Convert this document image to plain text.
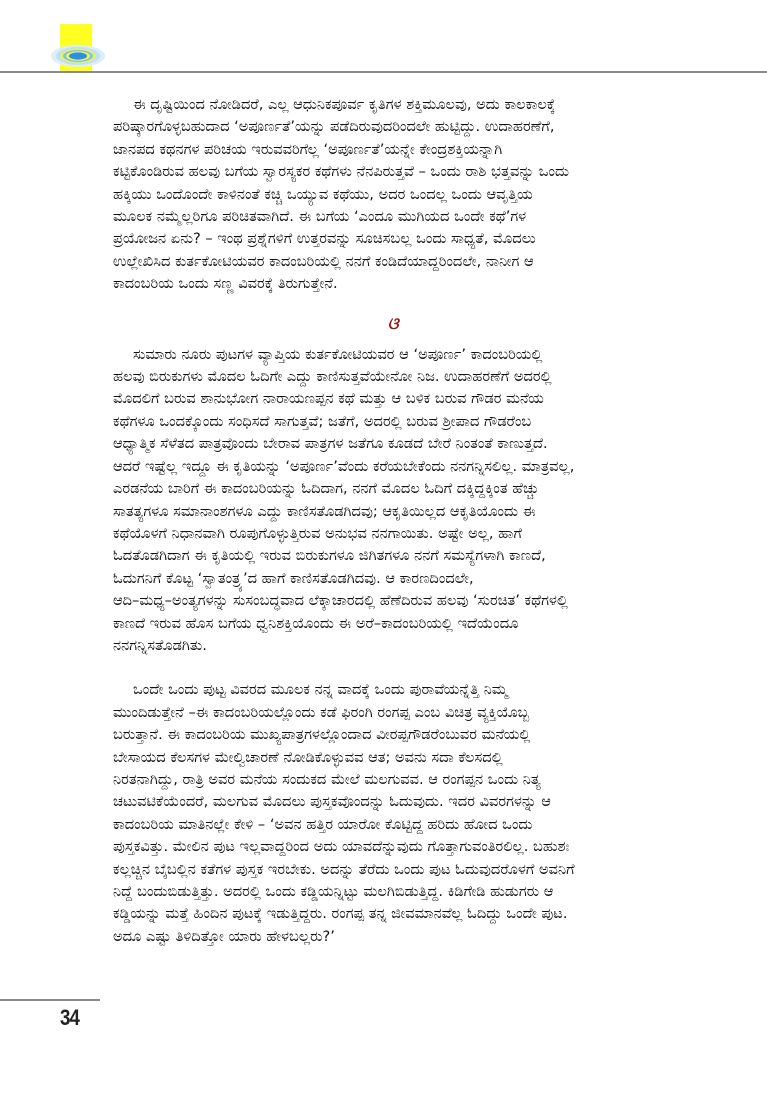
ಈ ದೃಷ್ಟಿಯಿಂದ ನೋಡಿದರೆ, ಎಲ್ಲ ಆಧುನಿಕಪೂರ್ವ ಕೃತಿಗಳ ಶಕ್ತಿಮೂಲವು, ಅದು ಕಾಲಕಾಲಕ್ಕೆ
ಪರಿಷ್ಕಾರಗೊಳ್ಳಬಹುದಾದ ‘ಅಪೂರ್ಣತೆ’ಯನ್ನು ಪಡೆದಿರುವುದರಿಂದಲೇ ಹುಟ್ಟಿದ್ದು. ಉದಾಹರಣೆಗೆ,
ಜಾನಪದ ಕಥನಗಳ ಪರಿಚಯ ಇರುವವರಿಗೆಲ್ಲ ‘ಅಪೂರ್ಣತೆ’ಯನ್ನೇ ಕೇಂದ್ರಶಕ್ತಿಯನ್ನಾಗಿ
ಕಟ್ಟಿಕೊಂಡಿರುವ ಹಲವು ಬಗೆಯ ಸ್ವಾರಸ್ಯಕರ ಕಥೆಗಳು ನೆನಪಿರುತ್ತವೆ – ಒಂದು ರಾಶಿ ಭತ್ತವನ್ನು ಒಂದು
ಹಕ್ಕಿಯು ಒಂದೊಂದೇ ಕಾಳಿನಂತೆ ಕಚ್ಚಿ ಒಯ್ಯುವ ಕಥೆಯು, ಅದರ ಒಂದಲ್ಲ ಒಂದು ಆವೃತ್ತಿಯ
ಮೂಲಕ ನಮ್ಮೆಲ್ಲರಿಗೂ ಪರಿಚಿತವಾಗಿದೆ. ಈ ಬಗೆಯ ‘ಎಂದೂ ಮುಗಿಯದ ಒಂದೇ ಕಥೆ’ಗಳ
ಪ್ರಯೋಜನ ಏನು? – ಇಂಥ ಪ್ರಶ್ನೆಗಳಿಗೆ ಉತ್ತರವನ್ನು ಸೂಚಿಸಬಲ್ಲ ಒಂದು ಸಾಧ್ಯತೆ, ಮೊದಲು
ಉಲ್ಲೇಖಿಸಿದ ಕುರ್ತಕೋಟಿಯವರ ಕಾದಂಬರಿಯಲ್ಲಿ ನನಗೆ ಕಂಡಿದೆಯಾದ್ದರಿಂದಲೇ, ನಾನೀಗ ಆ
ಕಾದಂಬರಿಯ ಒಂದು ಸಣ್ಣ ವಿವರಕ್ಕೆ ತಿರುಗುತ್ತೇನೆ.

ଓ

ಸುಮಾರು ನೂರು ಪುಟಗಳ ವ್ಯಾಪ್ತಿಯ ಕುರ್ತಕೋಟಿಯವರ ಆ ‘ಅಪೂರ್ಣ’ ಕಾದಂಬರಿಯಲ್ಲಿ
ಹಲವು ಬಿರುಕುಗಳು ಮೊದಲ ಓದಿಗೇ ಎದ್ದು ಕಾಣಿಸುತ್ತವೆಯೇನೋ ನಿಜ. ಉದಾಹರಣೆಗೆ ಅದರಲ್ಲಿ
ಮೊದಲಿಗೆ ಬರುವ ಶಾನುಭೋಗ ನಾರಾಯಣಪ್ಪನ ಕಥೆ ಮತ್ತು ಆ ಬಳಿಕ ಬರುವ ಗೌಡರ ಮನೆಯ
ಕಥೆಗಳೂ ಒಂದಕ್ಕೊಂದು ಸಂಧಿಸದೆ ಸಾಗುತ್ತವೆ; ಜತೆಗೆ, ಅದರಲ್ಲಿ ಬರುವ ಶ್ರೀಪಾದ ಗೌಡರೆಂಬ
ಆಧ್ಯಾತ್ಮಿಕ ಸೆಳೆತದ ಪಾತ್ರವೊಂದು ಬೇರಾವ ಪಾತ್ರಗಳ ಜತೆಗೂ ಕೂಡದೆ ಬೇರೆ ನಿಂತಂತೆ ಕಾಣುತ್ತದೆ.
ಆದರೆ ಇಷ್ಟೆಲ್ಲ ಇದ್ದೂ ಈ ಕೃತಿಯನ್ನು ‘ಅಪೂರ್ಣ’ವೆಂದು ಕರೆಯಬೇಕೆಂದು ನನಗನ್ನಿಸಲಿಲ್ಲ. ಮಾತ್ರವಲ್ಲ,
ಎರಡನೆಯ ಬಾರಿಗೆ ಈ ಕಾದಂಬರಿಯನ್ನು ಓದಿದಾಗ, ನನಗೆ ಮೊದಲ ಓದಿಗೆ ದಕ್ಕಿದ್ದಕ್ಕಿಂತ ಹೆಚ್ಚು
ಸಾತತ್ಯಗಳೂ ಸಮಾನಾಂಶಗಳೂ ಎದ್ದು ಕಾಣಿಸತೊಡಗಿದವು; ಆಕೃತಿಯಿಲ್ಲದ ಆಕೃತಿಯೊಂದು ಈ
ಕಥೆಯೊಳಗೆ ನಿಧಾನವಾಗಿ ರೂಪುಗೊಳ್ಳುತ್ತಿರುವ ಅನುಭವ ನನಗಾಯಿತು. ಅಷ್ಟೇ ಅಲ್ಲ, ಹಾಗೆ
ಓದತೊಡಗಿದಾಗ ಈ ಕೃತಿಯಲ್ಲಿ ಇರುವ ಬಿರುಕುಗಳೂ ಜಿಗಿತಗಳೂ ನನಗೆ ಸಮಸ್ಯೆಗಳಾಗಿ ಕಾಣದೆ,
ಓದುಗನಿಗೆ ಕೊಟ್ಟ ‘ಸ್ವಾತಂತ್ರ್ಯ’ದ ಹಾಗೆ ಕಾಣಿಸತೊಡಗಿದವು. ಆ ಕಾರಣದಿಂದಲೇ,
ಆದಿ–ಮಧ್ಯ–ಅಂತ್ಯಗಳನ್ನು ಸುಸಂಬದ್ಧವಾದ ಲೆಕ್ಕಾಚಾರದಲ್ಲಿ ಹೆಣೆದಿರುವ ಹಲವು ‘ಸುರಚಿತ’ ಕಥೆಗಳಲ್ಲಿ
ಕಾಣದೆ ಇರುವ ಹೊಸ ಬಗೆಯ ಧ್ವನಿಶಕ್ತಿಯೊಂದು ಈ ಅರೆ–ಕಾದಂಬರಿಯಲ್ಲಿ ಇದೆಯೆಂದೂ
ನನಗನ್ನಿಸತೊಡಗಿತು.

ಒಂದೇ ಒಂದು ಪುಟ್ಟ ವಿವರದ ಮೂಲಕ ನನ್ನ ವಾದಕ್ಕೆ ಒಂದು ಪುರಾವೆಯನ್ನೆತ್ತಿ ನಿಮ್ಮ
ಮುಂದಿಡುತ್ತೇನೆ –ಈ ಕಾದಂಬರಿಯಲ್ಲೊಂದು ಕಡೆ ಫಿರಂಗಿ ರಂಗಪ್ಪ ಎಂಬ ವಿಚಿತ್ರ ವ್ಯಕ್ತಿಯೊಬ್ಬ
ಬರುತ್ತಾನೆ. ಈ ಕಾದಂಬರಿಯ ಮುಖ್ಯಪಾತ್ರಗಳಲ್ಲೊಂದಾದ ವೀರಪ್ಪಗೌಡರೆಂಬುವರ ಮನೆಯಲ್ಲಿ
ಬೇಸಾಯದ ಕೆಲಸಗಳ ಮೇಲ್ವಿಚಾರಣೆ ನೋಡಿಕೊಳ್ಳುವವ ಆತ; ಅವನು ಸದಾ ಕೆಲಸದಲ್ಲಿ
ನಿರತನಾಗಿದ್ದು, ರಾತ್ರಿ ಅವರ ಮನೆಯ ಸಂದುಕದ ಮೇಲೆ ಮಲಗುವವ. ಆ ರಂಗಪ್ಪನ ಒಂದು ನಿತ್ಯ
ಚಟುವಟಿಕೆಯೆಂದರೆ, ಮಲಗುವ ಮೊದಲು ಪುಸ್ತಕವೊಂದನ್ನು ಓದುವುದು. ಇದರ ವಿವರಗಳನ್ನು ಆ
ಕಾದಂಬರಿಯ ಮಾತಿನಲ್ಲೇ ಕೇಳಿ – ‘ಅವನ ಹತ್ತಿರ ಯಾರೋ ಕೊಟ್ಟಿದ್ದ ಹರಿದು ಹೋದ ಒಂದು
ಪುಸ್ತಕವಿತ್ತು. ಮೇಲಿನ ಪುಟ ಇಲ್ಲವಾದ್ದರಿಂದ ಅದು ಯಾವದೆನ್ನುವುದು ಗೊತ್ತಾಗುವಂತಿರಲಿಲ್ಲ. ಬಹುಶಃ
ಕಲ್ಲಚ್ಚಿನ ಬೈಬಲ್ಲಿನ ಕತೆಗಳ ಪುಸ್ತಕ ಇರಬೇಕು. ಅದನ್ನು ತೆರೆದು ಒಂದು ಪುಟ ಓದುವುದರೊಳಗೆ ಅವನಿಗೆ
ನಿದ್ದೆ ಬಂದುಬಿಡುತ್ತಿತ್ತು. ಅದರಲ್ಲಿ ಒಂದು ಕಡ್ಡಿಯನ್ನಿಟ್ಟು ಮಲಗಿಬಿಡುತ್ತಿದ್ದ. ಕಿಡಿಗೇಡಿ ಹುಡುಗರು ಆ
ಕಡ್ಡಿಯನ್ನು ಮತ್ತೆ ಹಿಂದಿನ ಪುಟಕ್ಕೆ ಇಡುತ್ತಿದ್ದರು. ರಂಗಪ್ಪ ತನ್ನ ಜೀವಮಾನವೆಲ್ಲ ಓದಿದ್ದು ಒಂದೇ ಪುಟ.
ಅದೂ ಎಷ್ಟು ತಿಳಿದಿತ್ತೋ ಯಾರು ಹೇಳಬಲ್ಲರು?’

34
